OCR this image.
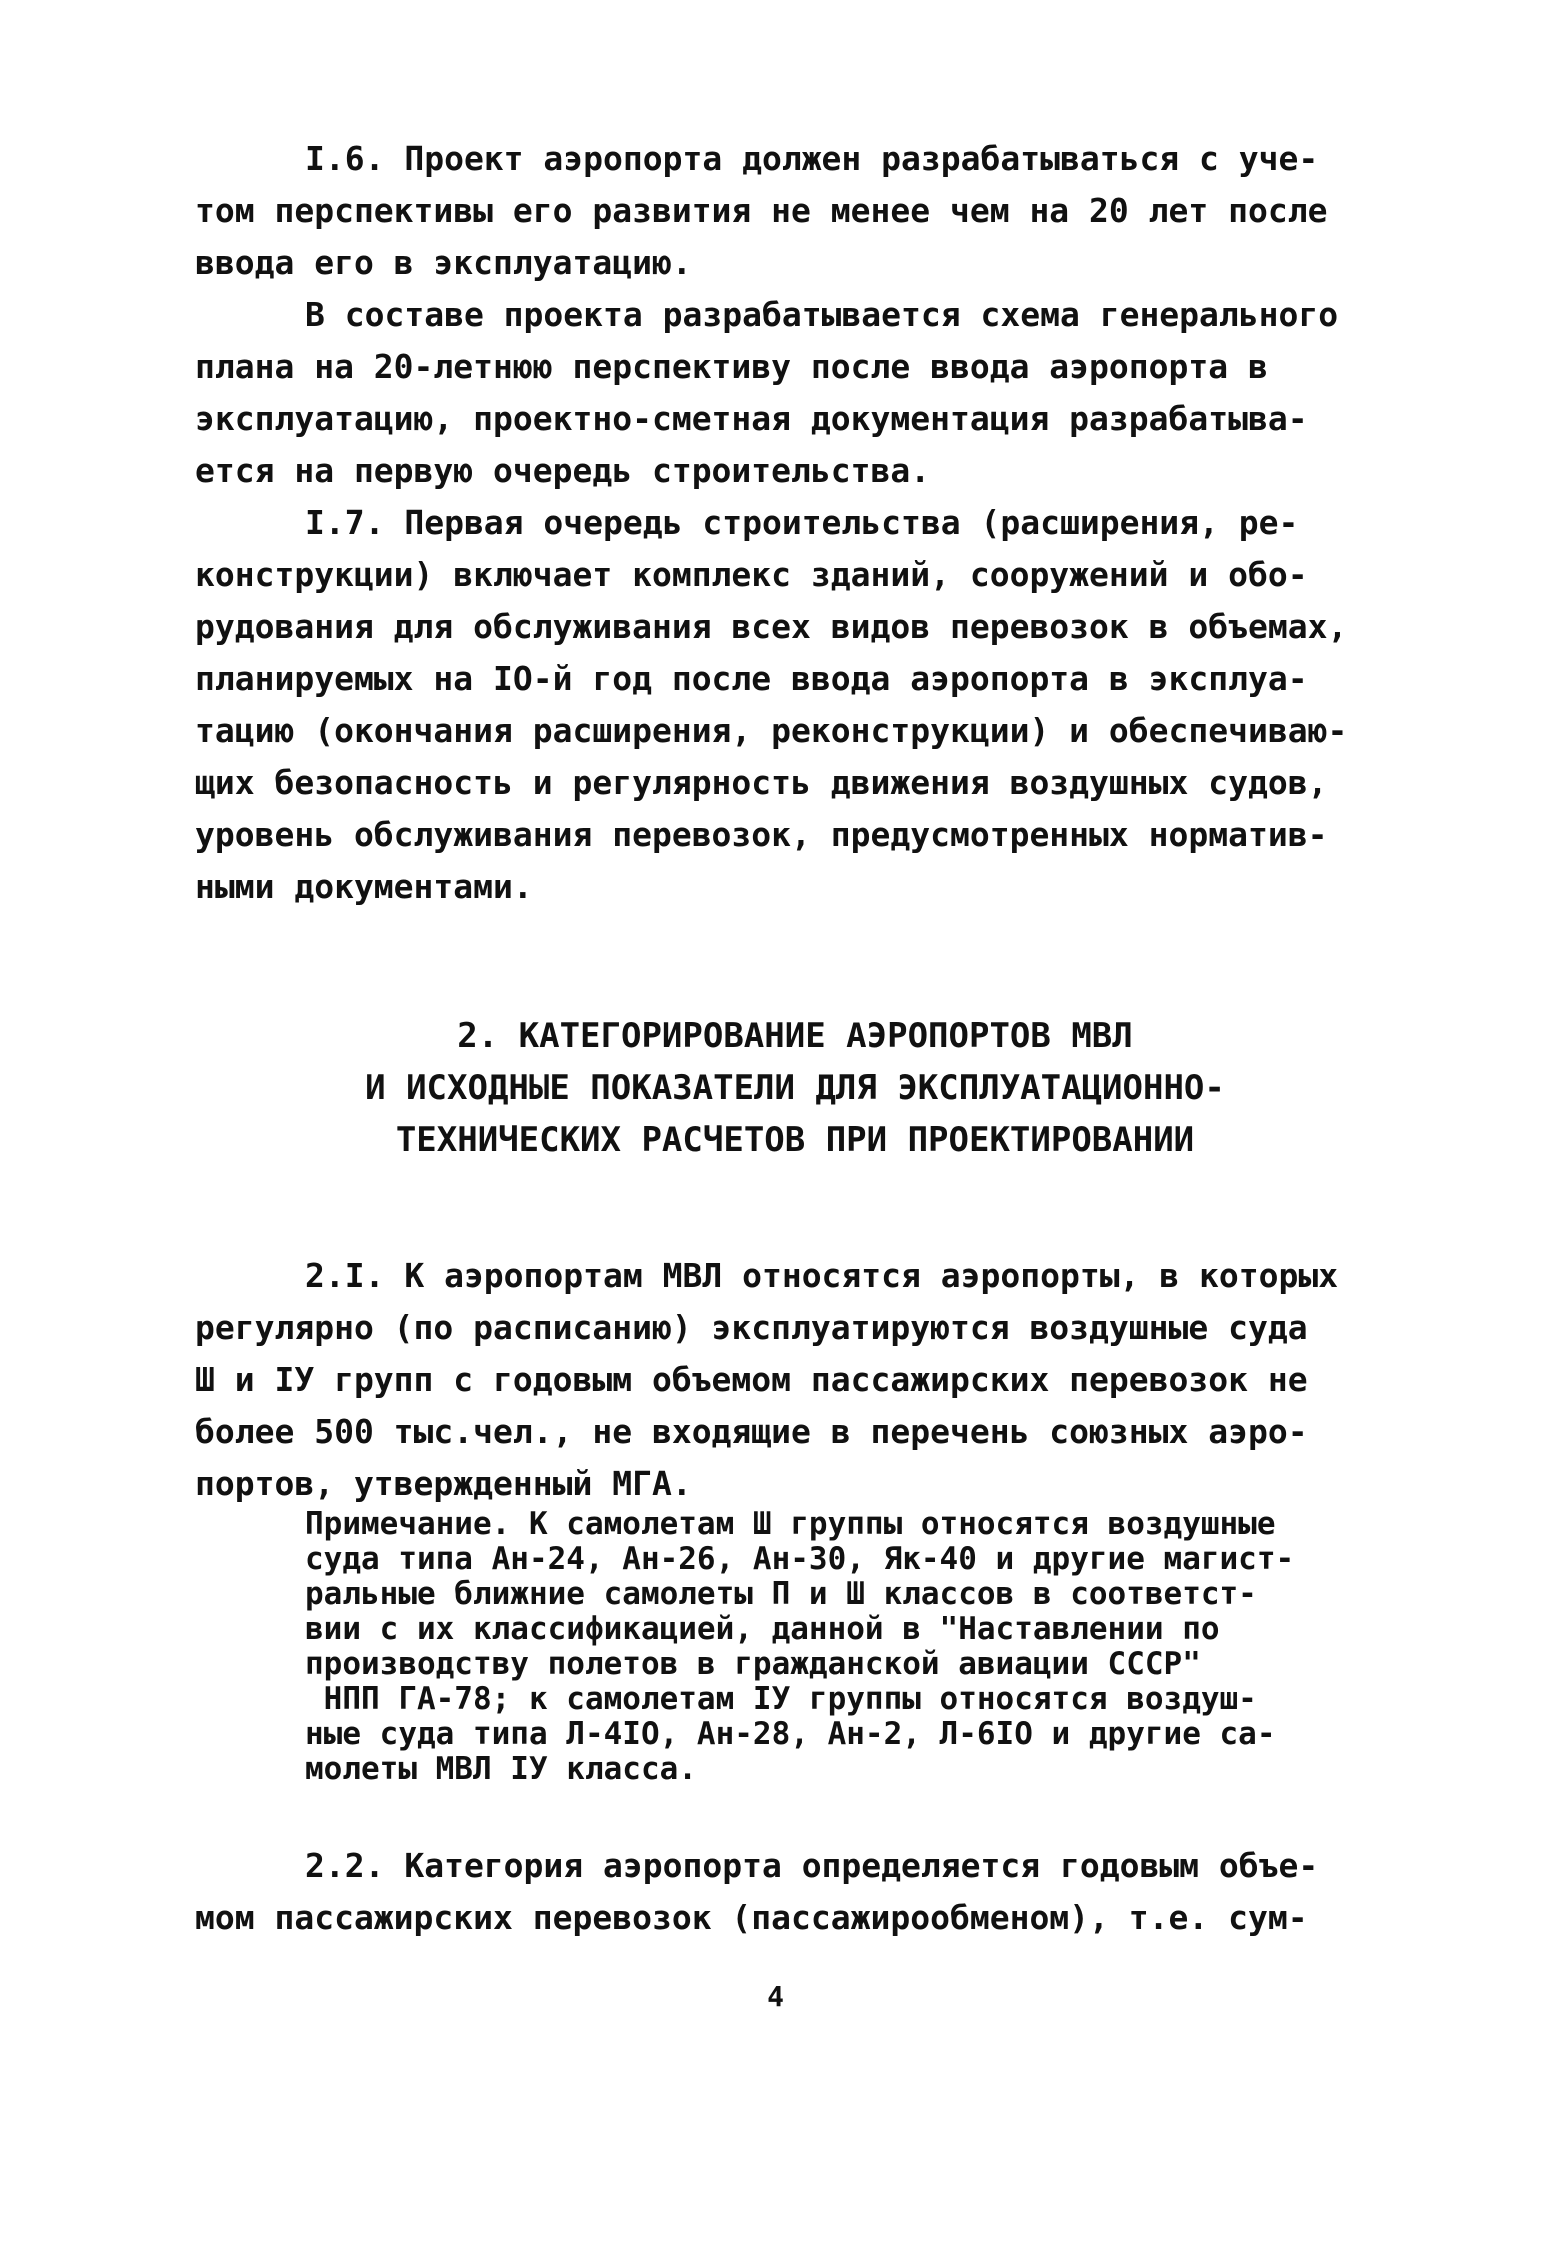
I.6. Проект аэропорта должен разрабатываться с уче-
том перспективы его развития не менее чем на 20 лет после
ввода его в эксплуатацию.
В составе проекта разрабатывается схема генерального
плана на 20-летнюю перспективу после ввода аэропорта в
эксплуатацию, проектно-сметная документация разрабатыва-
ется на первую очередь строительства.
I.7. Первая очередь строительства (расширения, ре-
конструкции) включает комплекс зданий, сооружений и обо-
рудования для обслуживания всех видов перевозок в объемах,
планируемых на IO-й год после ввода аэропорта в эксплуа-
тацию (окончания расширения, реконструкции) и обеспечиваю-
щих безопасность и регулярность движения воздушных судов,
уровень обслуживания перевозок, предусмотренных норматив-
ными документами.
2. КАТЕГОРИРОВАНИЕ АЭРОПОРТОВ МВЛ
И ИСХОДНЫЕ ПОКАЗАТЕЛИ ДЛЯ ЭКСПЛУАТАЦИОННО-
ТЕХНИЧЕСКИХ РАСЧЕТОВ ПРИ ПРОЕКТИРОВАНИИ
2.I. К аэропортам МВЛ относятся аэропорты, в которых
регулярно (по расписанию) эксплуатируются воздушные суда
Ш и IУ групп с годовым объемом пассажирских перевозок не
более 500 тыс.чел., не входящие в перечень союзных аэро-
портов, утвержденный МГА.
Примечание. К самолетам Ш группы относятся воздушные
суда типа Ан-24, Ан-26, Ан-30, Як-40 и другие магист-
ральные ближние самолеты П и Ш классов в соответст-
вии с их классификацией, данной в "Наставлении по
производству полетов в гражданской авиации СССР"
НПП ГА-78; к самолетам IУ группы относятся воздуш-
ные суда типа Л-4IO, Ан-28, Ан-2, Л-6IO и другие са-
молеты МВЛ IУ класса.
2.2. Категория аэропорта определяется годовым объе-
мом пассажирских перевозок (пассажирообменом), т.е. сум-
4
